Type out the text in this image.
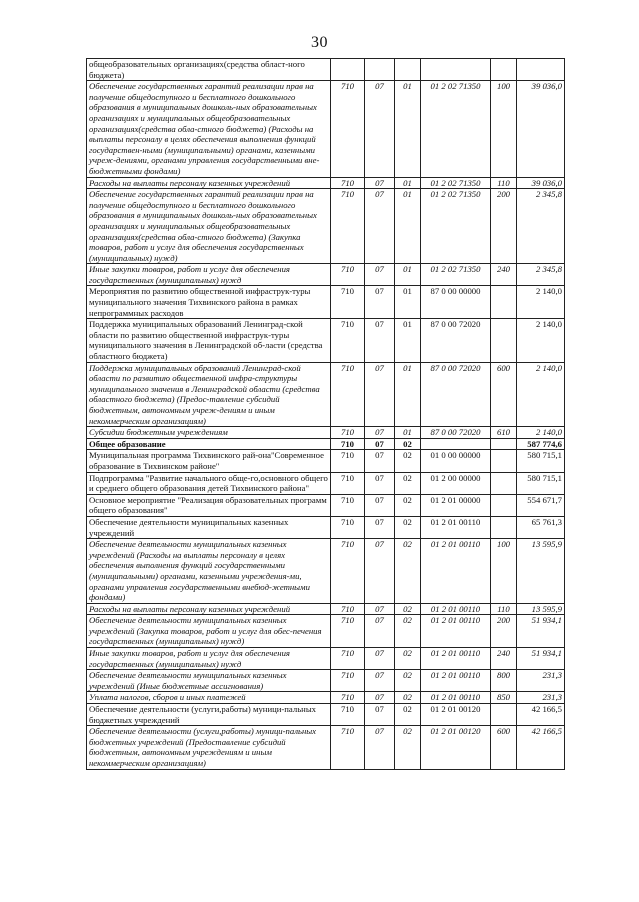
30
общеобразовательных организациях(средства област-ного бюджета)						
Обеспечение государственных гарантий реализации прав на получение общедоступного и бесплатного дошкольного образования в муниципальных дошколь-ных образовательных организациях и муниципальных общеобразовательных организациях(средства обла-стного бюджета) (Расходы на выплаты персоналу в целях обеспечения выполнения функций государствен-ными (муниципальными) органами, казенными учреж-дениями, органами управления государственными вне-бюджетными фондами)	710	07	01	01 2 02 71350	100	39 036,0
Расходы на выплаты персоналу казенных учреждений	710	07	01	01 2 02 71350	110	39 036,0
Обеспечение государственных гарантий реализации прав на получение общедоступного и бесплатного дошкольного образования в муниципальных дошколь-ных образовательных организациях и муниципальных общеобразовательных организациях(средства обла-стного бюджета) (Закупка товаров, работ и услуг для обеспечения государственных (муниципальных) нужд)	710	07	01	01 2 02 71350	200	2 345,8
Иные закупки товаров, работ и услуг для обеспечения государственных (муниципальных) нужд	710	07	01	01 2 02 71350	240	2 345,8
Мероприятия по развитию общественной инфраструк-туры муниципального значения Тихвинского района в рамках непрограммных расходов	710	07	01	87 0 00 00000		2 140,0
Поддержка муниципальных образований Ленинград-ской области по развитию общественной инфраструк-туры муниципального значения в Ленинградской об-ласти (средства областного бюджета)	710	07	01	87 0 00 72020		2 140,0
Поддержка муниципальных образований Ленинград-ской области по развитию общественной инфра-структуры муниципального значения в Ленинградской области (средства областного бюджета) (Предос-тавление субсидий бюджетным, автономным учреж-дениям и иным некоммерческим организациям)	710	07	01	87 0 00 72020	600	2 140,0
Субсидии бюджетным учреждениям	710	07	01	87 0 00 72020	610	2 140,0
Общее образование	710	07	02			587 774,6
Муниципальная программа Тихвинского рай-она"Современное образование в Тихвинском районе"	710	07	02	01 0 00 00000		580 715,1
Подпрограмма "Развитие начального обще-го,основного общего и среднего общего образования детей Тихвинского района"	710	07	02	01 2 00 00000		580 715,1
Основное мероприятие "Реализация образовательных программ общего образования"	710	07	02	01 2 01 00000		554 671,7
Обеспечение деятельности муниципальных казенных учреждений	710	07	02	01 2 01 00110		65 761,3
Обеспечение деятельности муниципальных казенных учреждений (Расходы на выплаты персоналу в целях обеспечения выполнения функций государственными (муниципальными) органами, казенными учреждения-ми, органами управления государственными внебюд-жетными фондами)	710	07	02	01 2 01 00110	100	13 595,9
Расходы на выплаты персоналу казенных учреждений	710	07	02	01 2 01 00110	110	13 595,9
Обеспечение деятельности муниципальных казенных учреждений (Закупка товаров, работ и услуг для обес-печения государственных (муниципальных) нужд)	710	07	02	01 2 01 00110	200	51 934,1
Иные закупки товаров, работ и услуг для обеспечения государственных (муниципальных) нужд	710	07	02	01 2 01 00110	240	51 934,1
Обеспечение деятельности муниципальных казенных учреждений (Иные бюджетные ассигнования)	710	07	02	01 2 01 00110	800	231,3
Уплата налогов, сборов и иных платежей	710	07	02	01 2 01 00110	850	231,3
Обеспечение деятельности (услуги,работы) муници-пальных бюджетных учреждений	710	07	02	01 2 01 00120		42 166,5
Обеспечение деятельности (услуги,работы) муници-пальных бюджетных учреждений (Предоставление субсидий бюджетным, автономным учреждениям и иным некоммерческим организациям)	710	07	02	01 2 01 00120	600	42 166,5
